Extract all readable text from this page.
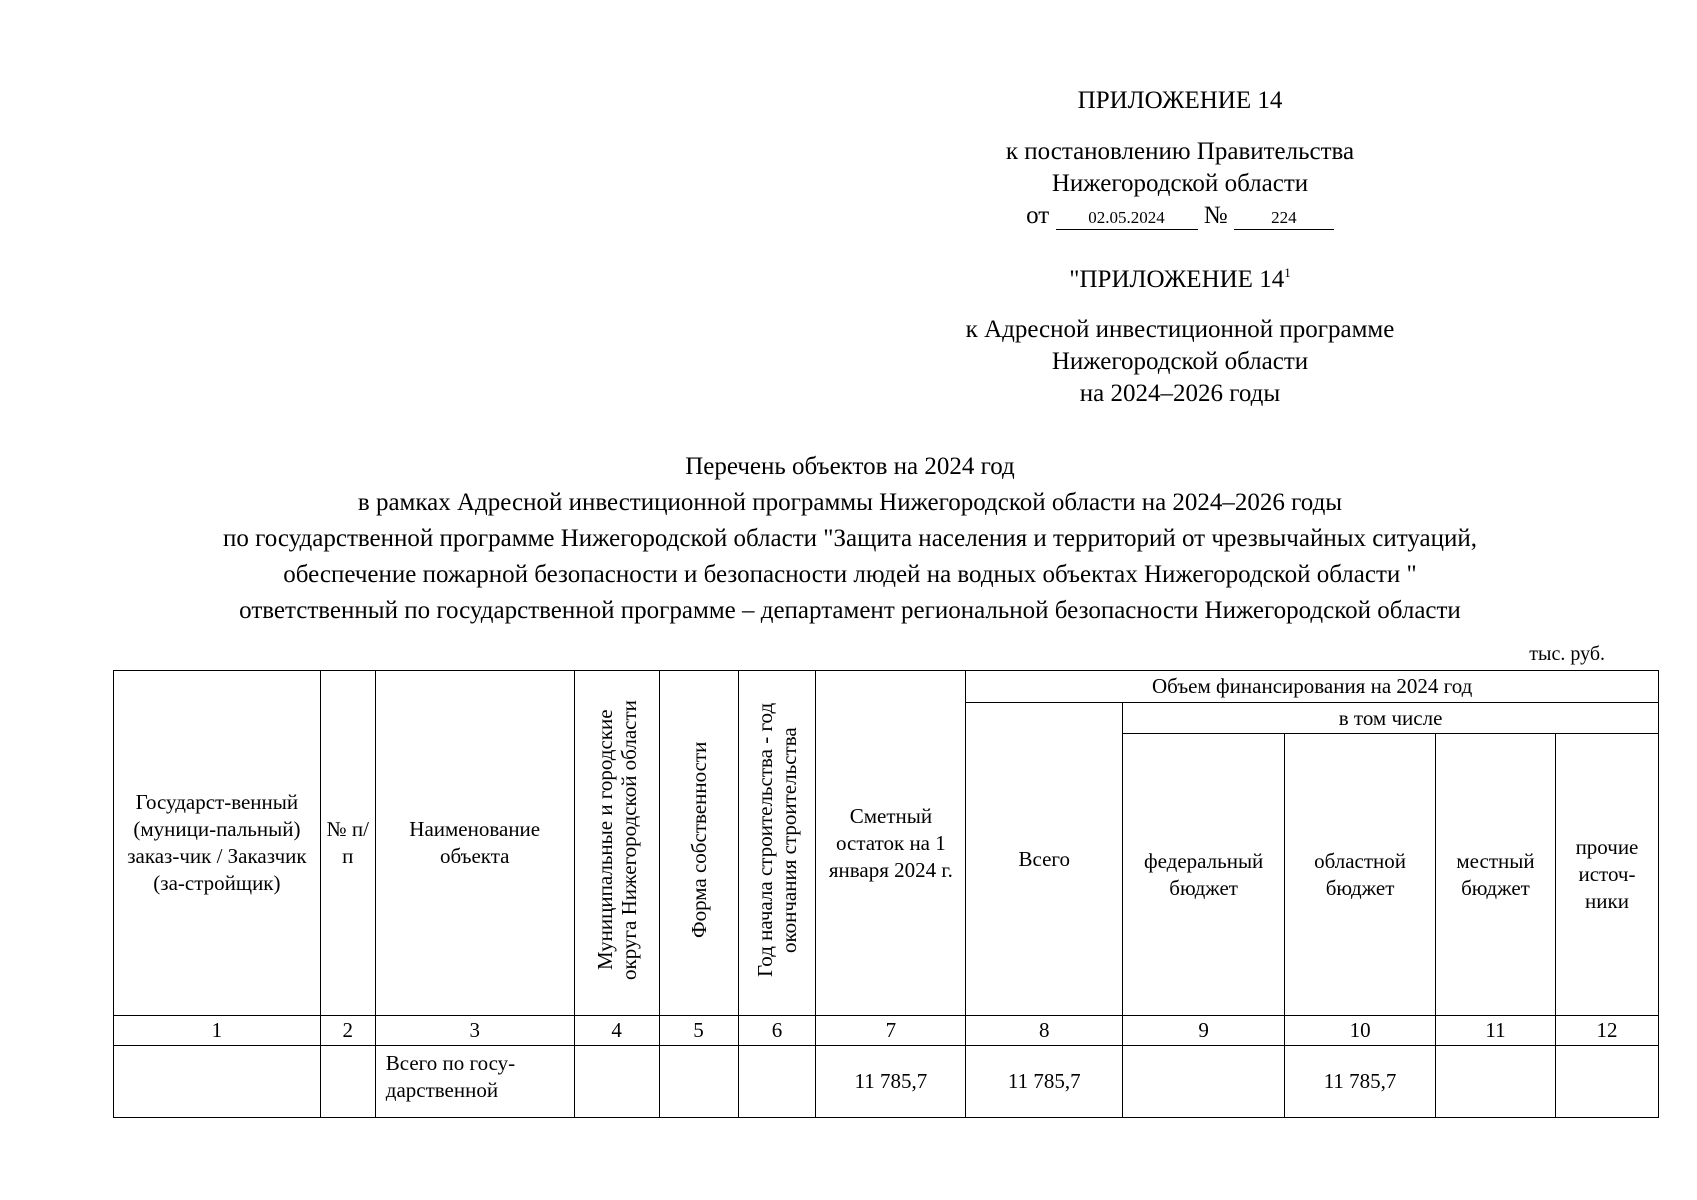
ПРИЛОЖЕНИЕ 14
к постановлению Правительства
Нижегородской области
от 02.05.2024 №	224
"ПРИЛОЖЕНИЕ $14^1$
к Адресной инвестиционной программе
Нижегородской области
на 2024–2026 годы
Перечень объектов на 2024 год
в рамках Адресной инвестиционной программы Нижегородской области на 2024–2026 годы
по государственной программе Нижегородской области "Защита населения и территорий от чрезвычайных ситуаций,
обеспечение пожарной безопасности и безопасности людей на водных объектах Нижегородской области "
ответственный по государственной программе – департамент региональной безопасности Нижегородской области
тыс. руб.
Государст-венный (муници-пальный) заказ-чик / Заказчик (за-стройщик)	№ п/п	Наименование объекта	Муниципальные и городские округа Нижегородской области	Форма собственности	Год начала строительства - год окончания строительства	Сметный остаток на 1 января 2024 г.	Объем финансирования на 2024 год				
							Всего	в том числе			
								федеральный бюджет	областной бюджет	местный бюджет	прочие источ-ники
1	2	3	4	5	6	7	8	9	10	11	12
		Всего по госу-дарственной				11 785,7	11 785,7		11 785,7		
